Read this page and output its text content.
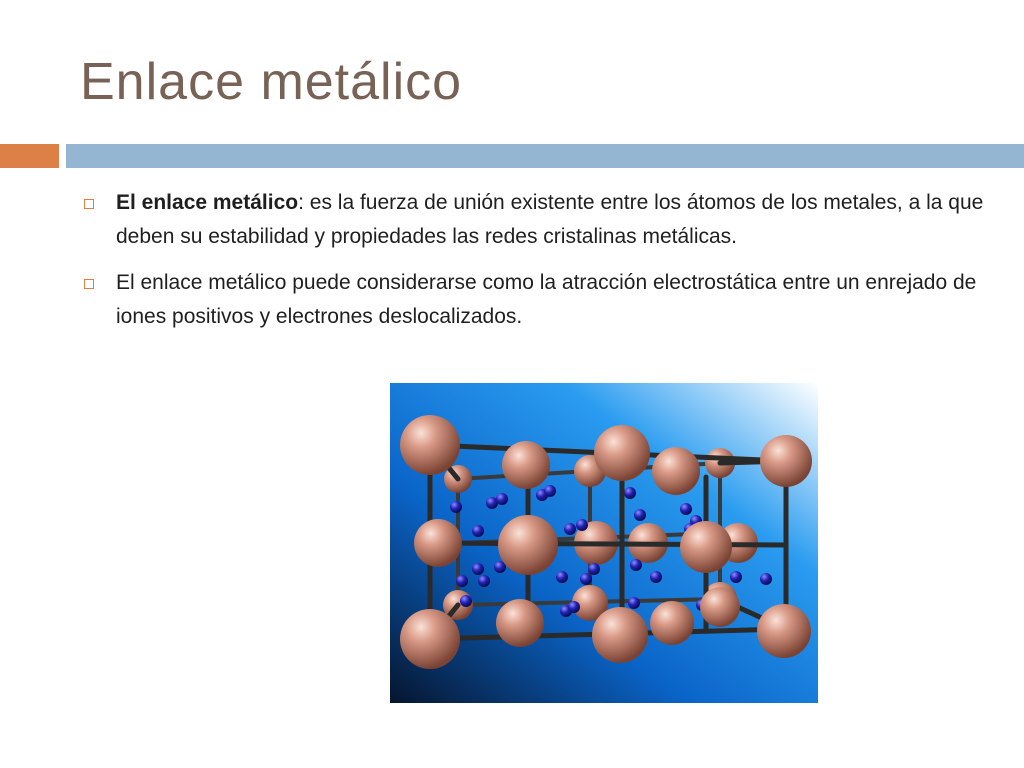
Enlace metálico
El enlace metálico: es la fuerza de unión existente entre los átomos de los metales, a la que deben su estabilidad y propiedades las redes cristalinas metálicas.
El enlace metálico puede considerarse como la atracción electrostática entre un enrejado de iones positivos y electrones deslocalizados.
